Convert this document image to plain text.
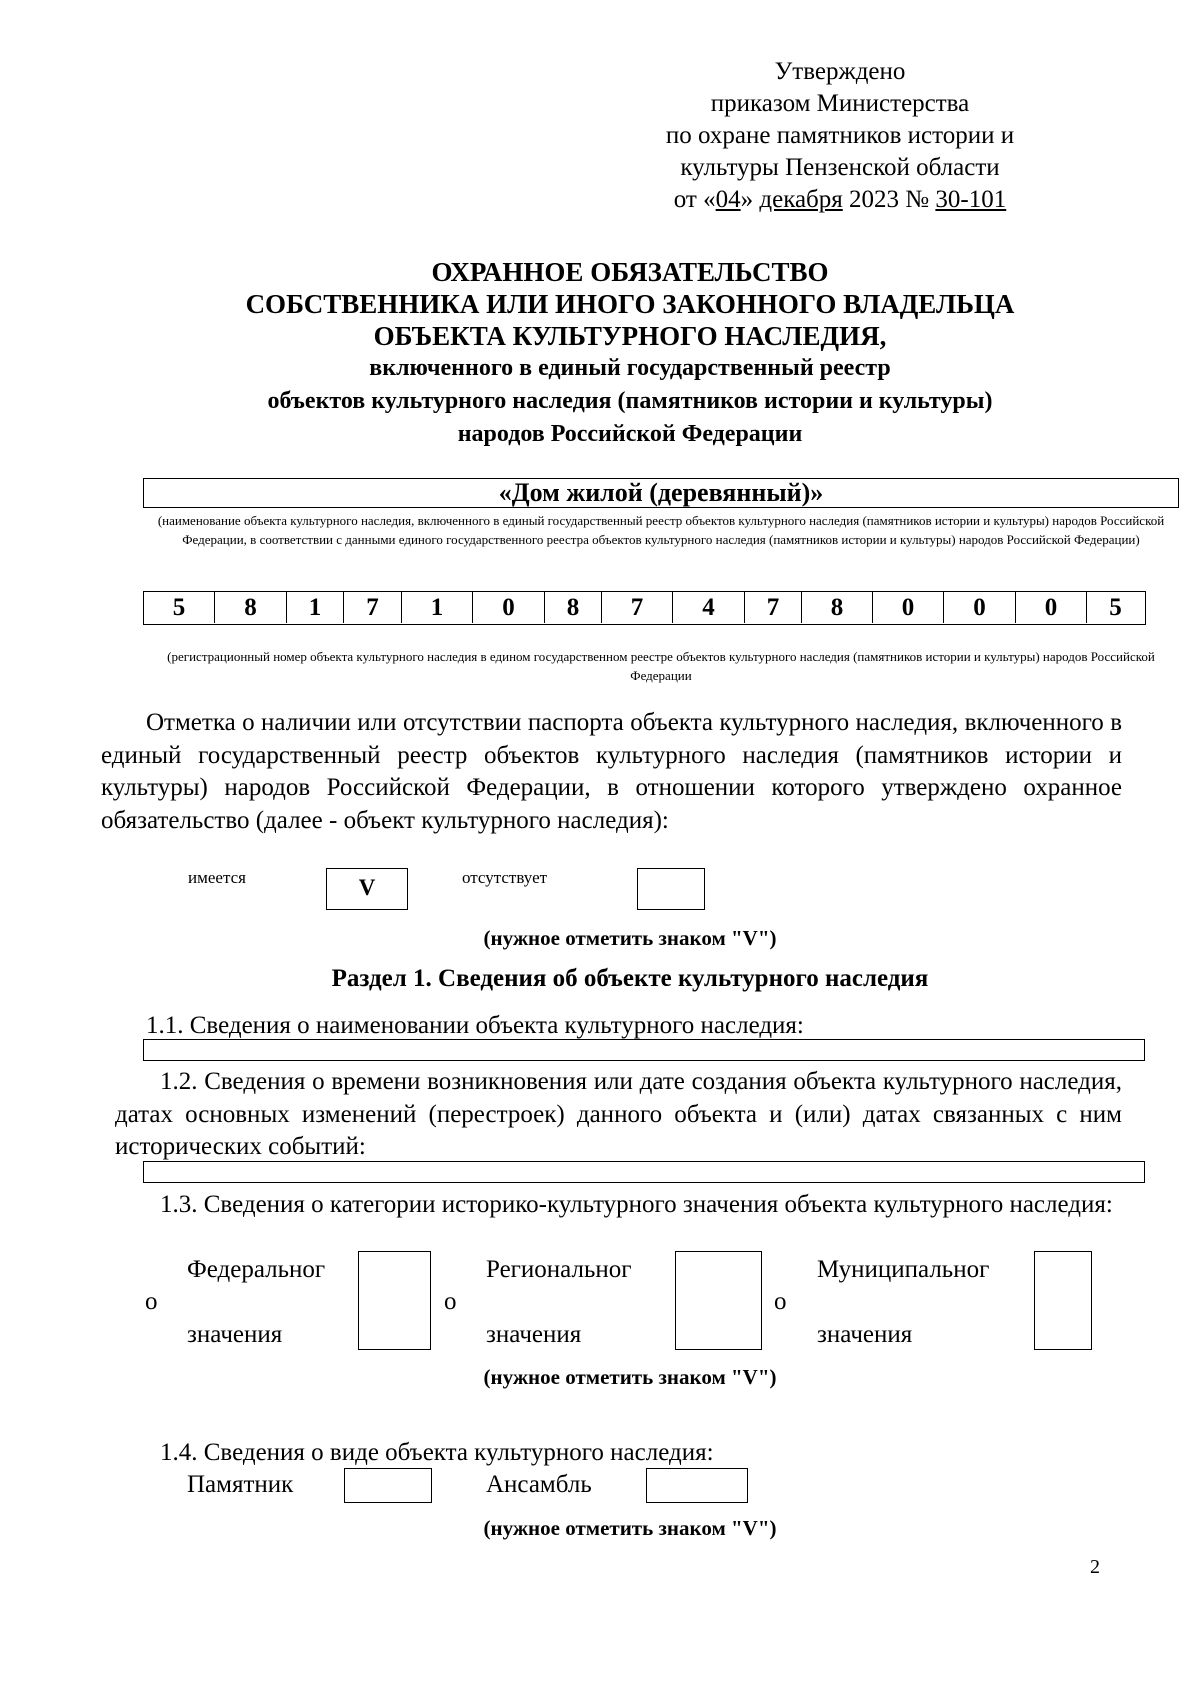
Утверждено
приказом Министерства
по охране памятников истории и
культуры Пензенской области
от «04» декабря 2023 № 30-101
ОХРАННОЕ ОБЯЗАТЕЛЬСТВО
СОБСТВЕННИКА ИЛИ ИНОГО ЗАКОННОГО ВЛАДЕЛЬЦА
ОБЪЕКТА КУЛЬТУРНОГО НАСЛЕДИЯ,
включенного в единый государственный реестр
объектов культурного наследия (памятников истории и культуры)
народов Российской Федерации
«Дом жилой (деревянный)»
(наименование объекта культурного наследия, включенного в единый государственный реестр объектов культурного наследия (памятников истории и культуры) народов Российской Федерации, в соответствии с данными единого государственного реестра объектов культурного наследия (памятников истории и культуры) народов Российской Федерации)
5	8	1	7	1	0	8	7	4	7	8	0	0	0	5
(регистрационный номер объекта культурного наследия в едином государственном реестре объектов культурного наследия (памятников истории и культуры) народов Российской Федерации
Отметка о наличии или отсутствии паспорта объекта культурного наследия, включенного в единый государственный реестр объектов культурного наследия (памятников истории и культуры) народов Российской Федерации, в отношении которого утверждено охранное обязательство (далее - объект культурного наследия):
имеется	V	отсутствует
(нужное отметить знаком "V")
Раздел 1. Сведения об объекте культурного наследия
1.1. Сведения о наименовании объекта культурного наследия:
1.2. Сведения о времени возникновения или дате создания объекта культурного наследия, датах основных изменений (перестроек) данного объекта и (или) датах связанных с ним исторических событий:
1.3. Сведения о категории историко-культурного значения объекта культурного наследия:
Федеральног
о
значения
Региональног
о
значения
Муниципальног
о
значения
(нужное отметить знаком "V")
1.4. Сведения о виде объекта культурного наследия:
Памятник	Ансамбль
(нужное отметить знаком "V")
2
